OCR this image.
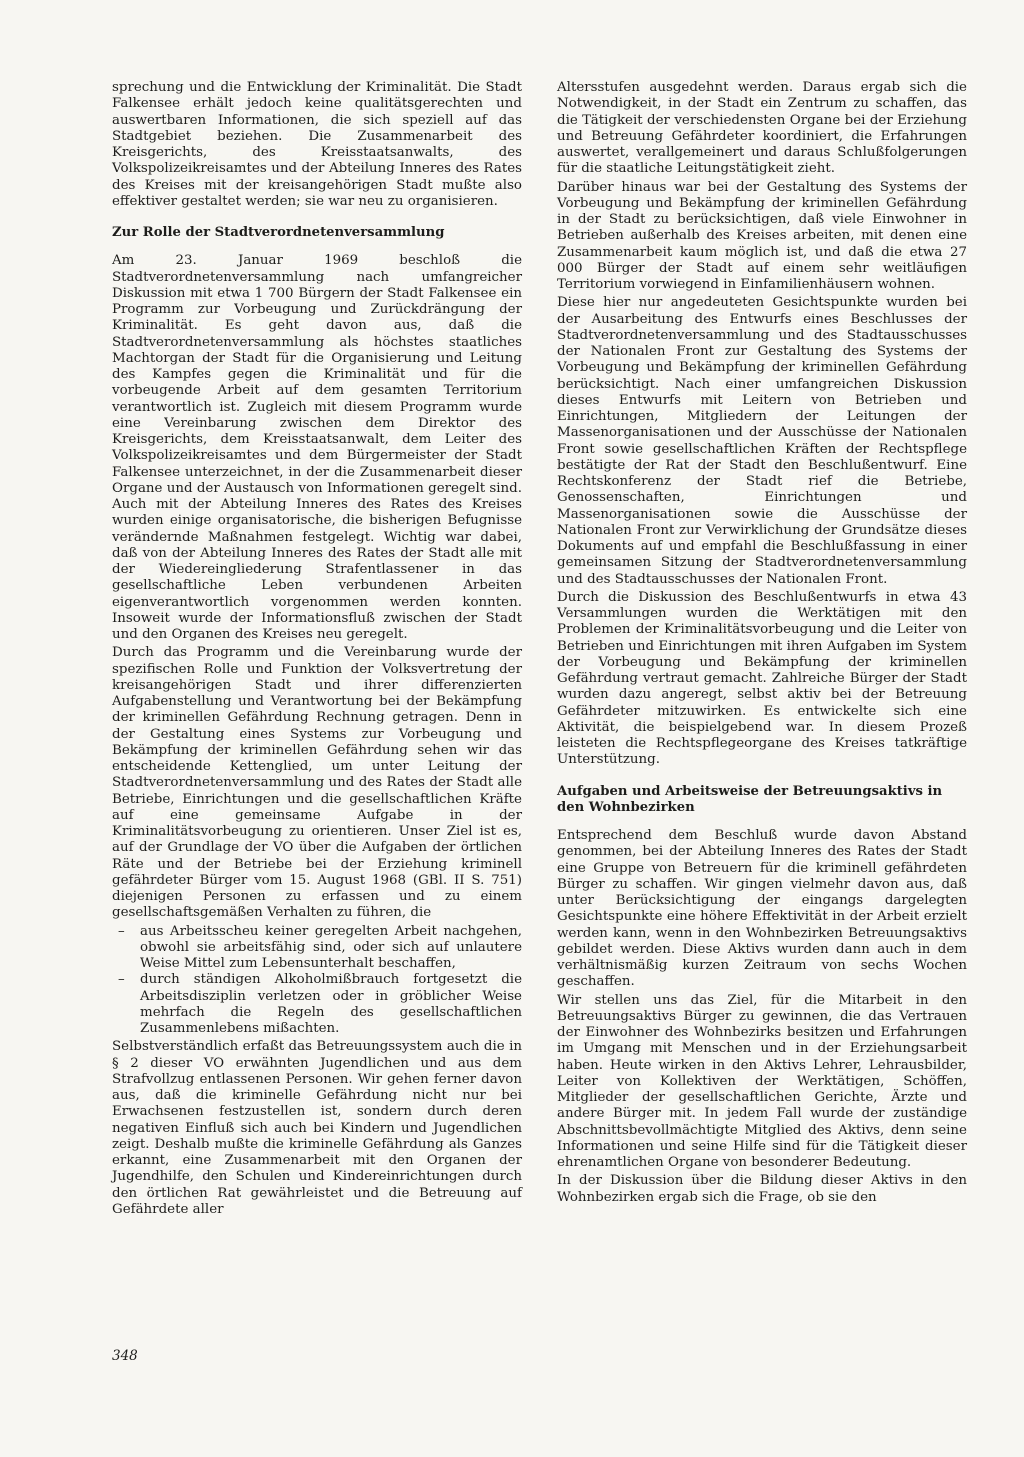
sprechung und die Entwicklung der Kriminalität. Die Stadt Falkensee erhält jedoch keine qualitätsgerechten und auswertbaren Informationen, die sich speziell auf das Stadtgebiet beziehen. Die Zusammenarbeit des Kreisgerichts, des Kreisstaatsanwalts, des Volkspolizeikreisamtes und der Abteilung Inneres des Rates des Kreises mit der kreisangehörigen Stadt mußte also effektiver gestaltet werden; sie war neu zu organisieren.

Zur Rolle der Stadtverordnetenversammlung

Am 23. Januar 1969 beschloß die Stadtverordnetenversammlung nach umfangreicher Diskussion mit etwa 1 700 Bürgern der Stadt Falkensee ein Programm zur Vorbeugung und Zurückdrängung der Kriminalität. Es geht davon aus, daß die Stadtverordnetenversammlung als höchstes staatliches Machtorgan der Stadt für die Organisierung und Leitung des Kampfes gegen die Kriminalität und für die vorbeugende Arbeit auf dem gesamten Territorium verantwortlich ist. Zugleich mit diesem Programm wurde eine Vereinbarung zwischen dem Direktor des Kreisgerichts, dem Kreisstaatsanwalt, dem Leiter des Volkspolizeikreisamtes und dem Bürgermeister der Stadt Falkensee unterzeichnet, in der die Zusammenarbeit dieser Organe und der Austausch von Informationen geregelt sind. Auch mit der Abteilung Inneres des Rates des Kreises wurden einige organisatorische, die bisherigen Befugnisse verändernde Maßnahmen festgelegt. Wichtig war dabei, daß von der Abteilung Inneres des Rates der Stadt alle mit der Wiedereingliederung Strafentlassener in das gesellschaftliche Leben verbundenen Arbeiten eigenverantwortlich vorgenommen werden konnten. Insoweit wurde der Informationsfluß zwischen der Stadt und den Organen des Kreises neu geregelt.

Durch das Programm und die Vereinbarung wurde der spezifischen Rolle und Funktion der Volksvertretung der kreisangehörigen Stadt und ihrer differenzierten Aufgabenstellung und Verantwortung bei der Bekämpfung der kriminellen Gefährdung Rechnung getragen. Denn in der Gestaltung eines Systems zur Vorbeugung und Bekämpfung der kriminellen Gefährdung sehen wir das entscheidende Kettenglied, um unter Leitung der Stadtverordnetenversammlung und des Rates der Stadt alle Betriebe, Einrichtungen und die gesellschaftlichen Kräfte auf eine gemeinsame Aufgabe in der Kriminalitätsvorbeugung zu orientieren. Unser Ziel ist es, auf der Grundlage der VO über die Aufgaben der örtlichen Räte und der Betriebe bei der Erziehung kriminell gefährdeter Bürger vom 15. August 1968 (GBl. II S. 751) diejenigen Personen zu erfassen und zu einem gesellschaftsgemäßen Verhalten zu führen, die

– aus Arbeitsscheu keiner geregelten Arbeit nachgehen, obwohl sie arbeitsfähig sind, oder sich auf unlautere Weise Mittel zum Lebensunterhalt beschaffen,
– durch ständigen Alkoholmißbrauch fortgesetzt die Arbeitsdisziplin verletzen oder in gröblicher Weise mehrfach die Regeln des gesellschaftlichen Zusammenlebens mißachten.

Selbstverständlich erfaßt das Betreuungssystem auch die in § 2 dieser VO erwähnten Jugendlichen und aus dem Strafvollzug entlassenen Personen. Wir gehen ferner davon aus, daß die kriminelle Gefährdung nicht nur bei Erwachsenen festzustellen ist, sondern durch deren negativen Einfluß sich auch bei Kindern und Jugendlichen zeigt. Deshalb mußte die kriminelle Gefährdung als Ganzes erkannt, eine Zusammenarbeit mit den Organen der Jugendhilfe, den Schulen und Kindereinrichtungen durch den örtlichen Rat gewährleistet und die Betreuung auf Gefährdete aller

Altersstufen ausgedehnt werden. Daraus ergab sich die Notwendigkeit, in der Stadt ein Zentrum zu schaffen, das die Tätigkeit der verschiedensten Organe bei der Erziehung und Betreuung Gefährdeter koordiniert, die Erfahrungen auswertet, verallgemeinert und daraus Schlußfolgerungen für die staatliche Leitungstätigkeit zieht.

Darüber hinaus war bei der Gestaltung des Systems der Vorbeugung und Bekämpfung der kriminellen Gefährdung in der Stadt zu berücksichtigen, daß viele Einwohner in Betrieben außerhalb des Kreises arbeiten, mit denen eine Zusammenarbeit kaum möglich ist, und daß die etwa 27 000 Bürger der Stadt auf einem sehr weitläufigen Territorium vorwiegend in Einfamilienhäusern wohnen.

Diese hier nur angedeuteten Gesichtspunkte wurden bei der Ausarbeitung des Entwurfs eines Beschlusses der Stadtverordnetenversammlung und des Stadtausschusses der Nationalen Front zur Gestaltung des Systems der Vorbeugung und Bekämpfung der kriminellen Gefährdung berücksichtigt. Nach einer umfangreichen Diskussion dieses Entwurfs mit Leitern von Betrieben und Einrichtungen, Mitgliedern der Leitungen der Massenorganisationen und der Ausschüsse der Nationalen Front sowie gesellschaftlichen Kräften der Rechtspflege bestätigte der Rat der Stadt den Beschlußentwurf. Eine Rechtskonferenz der Stadt rief die Betriebe, Genossenschaften, Einrichtungen und Massenorganisationen sowie die Ausschüsse der Nationalen Front zur Verwirklichung der Grundsätze dieses Dokuments auf und empfahl die Beschlußfassung in einer gemeinsamen Sitzung der Stadtverordnetenversammlung und des Stadtausschusses der Nationalen Front.

Durch die Diskussion des Beschlußentwurfs in etwa 43 Versammlungen wurden die Werktätigen mit den Problemen der Kriminalitätsvorbeugung und die Leiter von Betrieben und Einrichtungen mit ihren Aufgaben im System der Vorbeugung und Bekämpfung der kriminellen Gefährdung vertraut gemacht. Zahlreiche Bürger der Stadt wurden dazu angeregt, selbst aktiv bei der Betreuung Gefährdeter mitzuwirken. Es entwickelte sich eine Aktivität, die beispielgebend war. In diesem Prozeß leisteten die Rechtspflegeorgane des Kreises tatkräftige Unterstützung.

Aufgaben und Arbeitsweise der Betreuungsaktivs in den Wohnbezirken

Entsprechend dem Beschluß wurde davon Abstand genommen, bei der Abteilung Inneres des Rates der Stadt eine Gruppe von Betreuern für die kriminell gefährdeten Bürger zu schaffen. Wir gingen vielmehr davon aus, daß unter Berücksichtigung der eingangs dargelegten Gesichtspunkte eine höhere Effektivität in der Arbeit erzielt werden kann, wenn in den Wohnbezirken Betreuungsaktivs gebildet werden. Diese Aktivs wurden dann auch in dem verhältnismäßig kurzen Zeitraum von sechs Wochen geschaffen.

Wir stellen uns das Ziel, für die Mitarbeit in den Betreuungsaktivs Bürger zu gewinnen, die das Vertrauen der Einwohner des Wohnbezirks besitzen und Erfahrungen im Umgang mit Menschen und in der Erziehungsarbeit haben. Heute wirken in den Aktivs Lehrer, Lehrausbilder, Leiter von Kollektiven der Werktätigen, Schöffen, Mitglieder der gesellschaftlichen Gerichte, Ärzte und andere Bürger mit. In jedem Fall wurde der zuständige Abschnittsbevollmächtigte Mitglied des Aktivs, denn seine Informationen und seine Hilfe sind für die Tätigkeit dieser ehrenamtlichen Organe von besonderer Bedeutung.

In der Diskussion über die Bildung dieser Aktivs in den Wohnbezirken ergab sich die Frage, ob sie den

348
